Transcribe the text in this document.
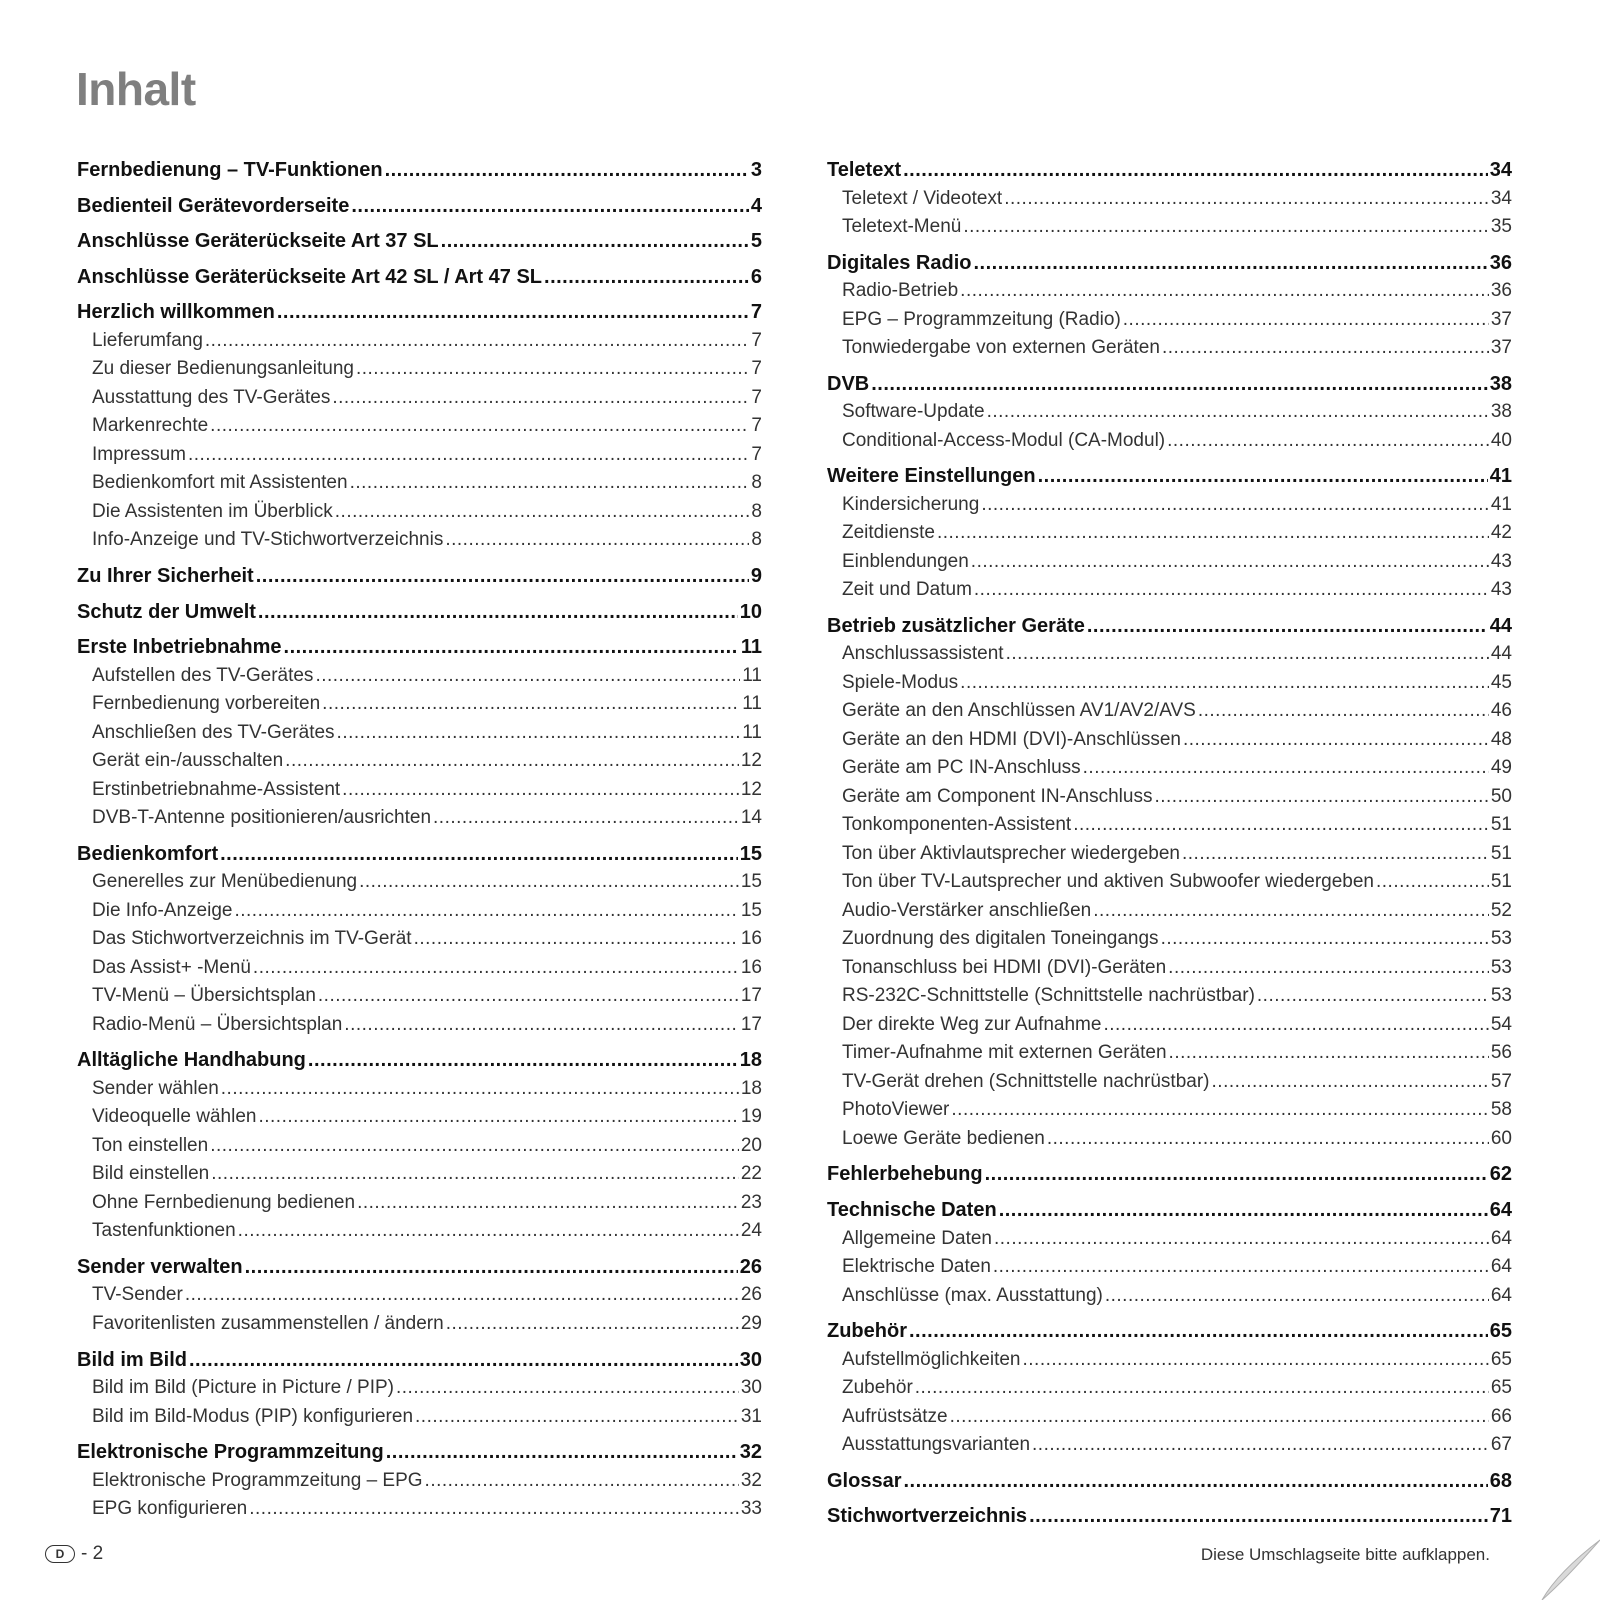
Inhalt
Fernbedienung – TV-Funktionen .....	3
Bedienteil Gerätevorderseite .....	4
Anschlüsse Geräterückseite Art 37 SL .....	5
Anschlüsse Geräterückseite Art 42 SL / Art 47 SL .....	6
Herzlich willkommen .....	7
Lieferumfang .....	7
Zu dieser Bedienungsanleitung .....	7
Ausstattung des TV-Gerätes .....	7
Markenrechte .....	7
Impressum .....	7
Bedienkomfort mit Assistenten .....	8
Die Assistenten im Überblick .....	8
Info-Anzeige und TV-Stichwortverzeichnis .....	8
Zu Ihrer Sicherheit .....	9
Schutz der Umwelt .....	10
Erste Inbetriebnahme .....	11
Aufstellen des TV-Gerätes .....	11
Fernbedienung vorbereiten .....	11
Anschließen des TV-Gerätes .....	11
Gerät ein-/ausschalten .....	12
Erstinbetriebnahme-Assistent .....	12
DVB-T-Antenne positionieren/ausrichten .....	14
Bedienkomfort .....	15
Generelles zur Menübedienung .....	15
Die Info-Anzeige .....	15
Das Stichwortverzeichnis im TV-Gerät .....	16
Das Assist+ -Menü .....	16
TV-Menü – Übersichtsplan .....	17
Radio-Menü – Übersichtsplan .....	17
Alltägliche Handhabung .....	18
Sender wählen .....	18
Videoquelle wählen .....	19
Ton einstellen .....	20
Bild einstellen .....	22
Ohne Fernbedienung bedienen .....	23
Tastenfunktionen .....	24
Sender verwalten .....	26
TV-Sender .....	26
Favoritenlisten zusammenstellen / ändern .....	29
Bild im Bild .....	30
Bild im Bild (Picture in Picture / PIP) .....	30
Bild im Bild-Modus (PIP) konfigurieren .....	31
Elektronische Programmzeitung .....	32
Elektronische Programmzeitung – EPG .....	32
EPG konfigurieren .....	33
Teletext .....	34
Teletext / Videotext .....	34
Teletext-Menü .....	35
Digitales Radio .....	36
Radio-Betrieb .....	36
EPG – Programmzeitung (Radio) .....	37
Tonwiedergabe von externen Geräten .....	37
DVB .....	38
Software-Update .....	38
Conditional-Access-Modul (CA-Modul) .....	40
Weitere Einstellungen .....	41
Kindersicherung .....	41
Zeitdienste .....	42
Einblendungen .....	43
Zeit und Datum .....	43
Betrieb zusätzlicher Geräte .....	44
Anschlussassistent .....	44
Spiele-Modus .....	45
Geräte an den Anschlüssen AV1/AV2/AVS .....	46
Geräte an den HDMI (DVI)-Anschlüssen .....	48
Geräte am PC IN-Anschluss .....	49
Geräte am Component IN-Anschluss .....	50
Tonkomponenten-Assistent .....	51
Ton über Aktivlautsprecher wiedergeben .....	51
Ton über TV-Lautsprecher und aktiven Subwoofer wiedergeben .....	51
Audio-Verstärker anschließen .....	52
Zuordnung des digitalen Toneingangs .....	53
Tonanschluss bei HDMI (DVI)-Geräten .....	53
RS-232C-Schnittstelle (Schnittstelle nachrüstbar) .....	53
Der direkte Weg zur Aufnahme .....	54
Timer-Aufnahme mit externen Geräten .....	56
TV-Gerät drehen (Schnittstelle nachrüstbar) .....	57
PhotoViewer .....	58
Loewe Geräte bedienen .....	60
Fehlerbehebung .....	62
Technische Daten .....	64
Allgemeine Daten .....	64
Elektrische Daten .....	64
Anschlüsse (max. Ausstattung) .....	64
Zubehör .....	65
Aufstellmöglichkeiten .....	65
Zubehör .....	65
Aufrüstsätze .....	66
Ausstattungsvarianten .....	67
Glossar .....	68
Stichwortverzeichnis .....	71
D - 2	Diese Umschlagseite bitte aufklappen.
